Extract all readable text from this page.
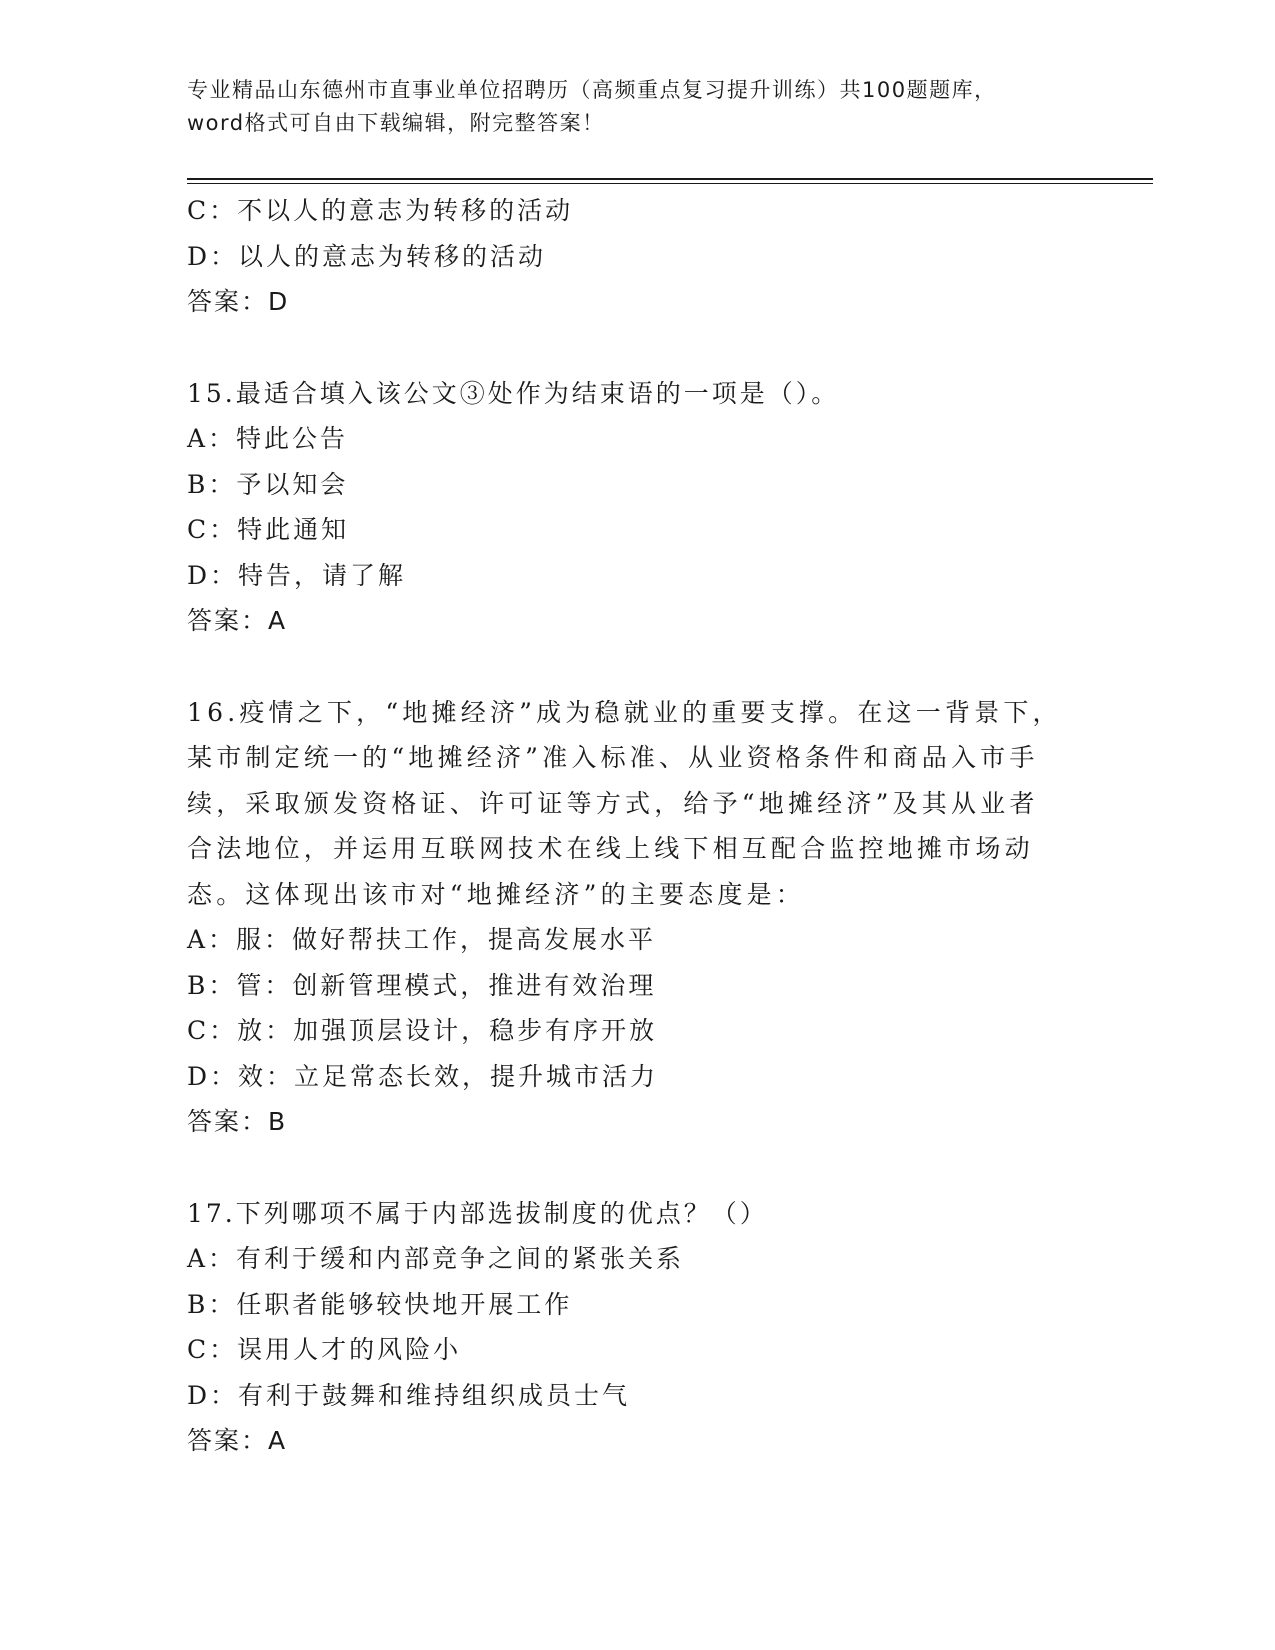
专业精品山东德州市直事业单位招聘历（高频重点复习提升训练）共100题题库，word格式可自由下载编辑，附完整答案！
C：不以人的意志为转移的活动
D：以人的意志为转移的活动
答案：D
15.最适合填入该公文③处作为结束语的一项是（）。
A：特此公告
B：予以知会
C：特此通知
D：特告，请了解
答案：A
16.疫情之下，“地摊经济”成为稳就业的重要支撑。在这一背景下，某市制定统一的“地摊经济”准入标准、从业资格条件和商品入市手续，采取颁发资格证、许可证等方式，给予“地摊经济”及其从业者合法地位，并运用互联网技术在线上线下相互配合监控地摊市场动态。这体现出该市对“地摊经济”的主要态度是：
A：服：做好帮扶工作，提高发展水平
B：管：创新管理模式，推进有效治理
C：放：加强顶层设计，稳步有序开放
D：效：立足常态长效，提升城市活力
答案：B
17.下列哪项不属于内部选拔制度的优点？（）
A：有利于缓和内部竞争之间的紧张关系
B：任职者能够较快地开展工作
C：误用人才的风险小
D：有利于鼓舞和维持组织成员士气
答案：A
